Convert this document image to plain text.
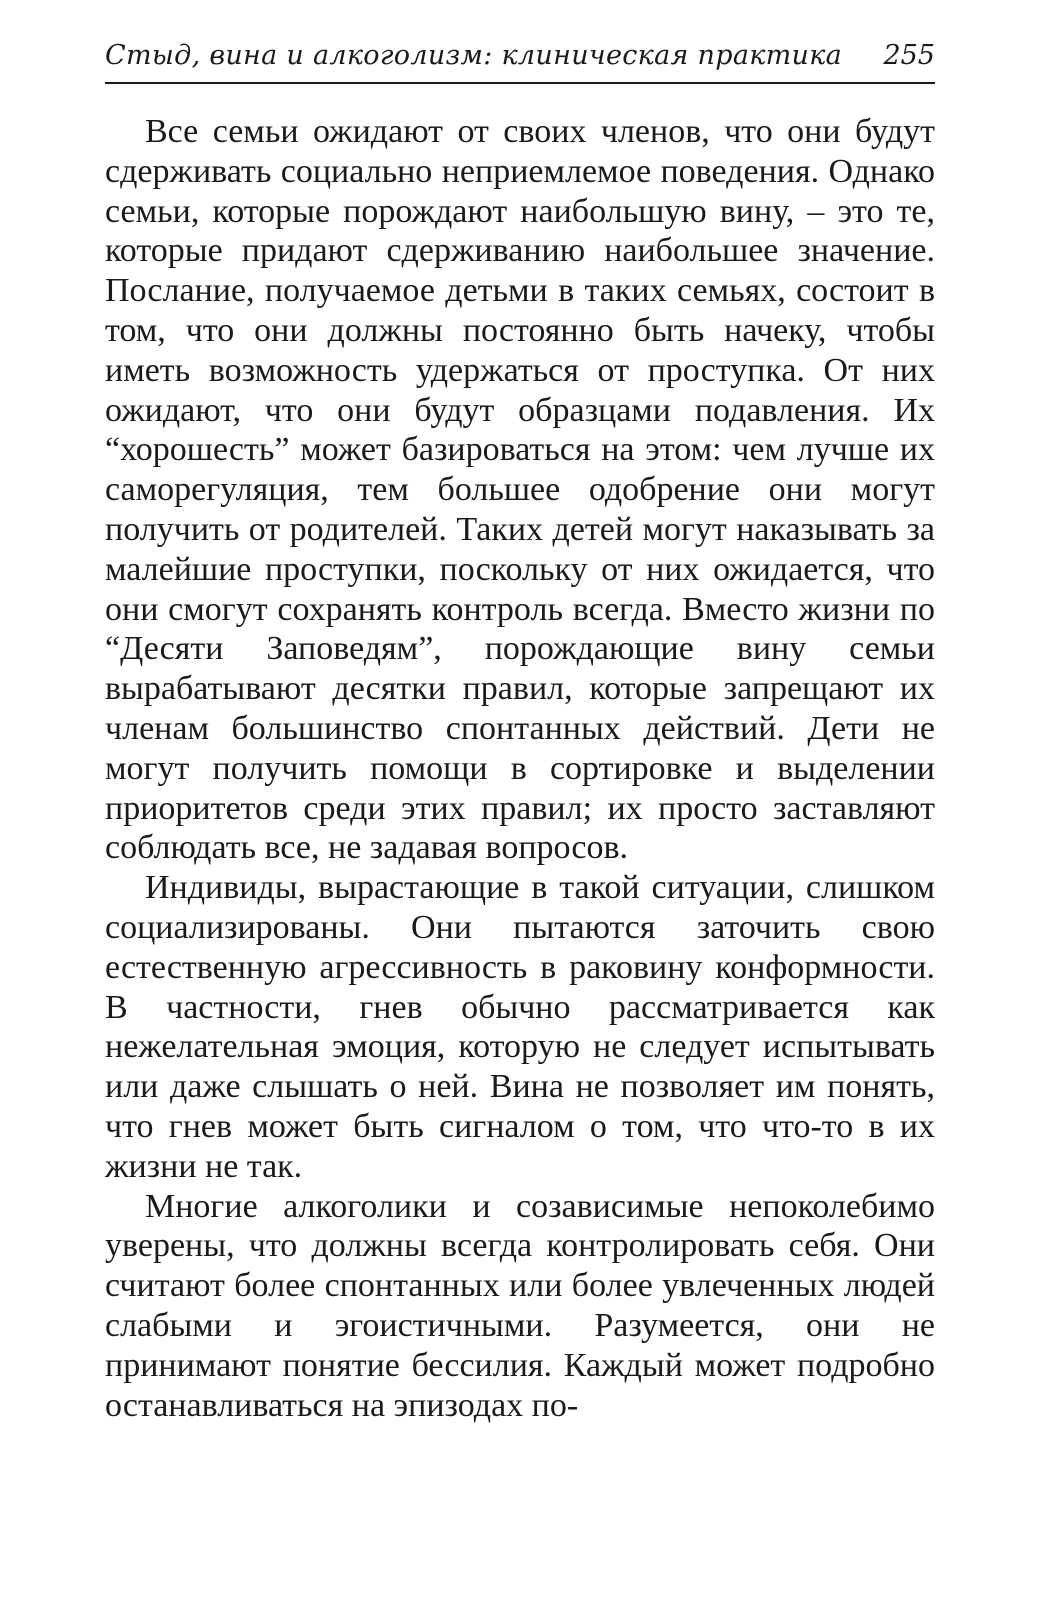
Стыд, вина и алкоголизм: клиническая практика 255

Все семьи ожидают от своих членов, что они будут сдерживать социально неприемлемое поведения. Однако семьи, которые порождают наибольшую вину, – это те, которые придают сдерживанию наибольшее значение. Послание, получаемое детьми в таких семьях, состоит в том, что они должны постоянно быть начеку, чтобы иметь возможность удержаться от проступка. От них ожидают, что они будут образцами подавления. Их “хорошесть” может базироваться на этом: чем лучше их саморегуляция, тем большее одобрение они могут получить от родителей. Таких детей могут наказывать за малейшие проступки, поскольку от них ожидается, что они смогут сохранять контроль всегда. Вместо жизни по “Десяти Заповедям”, порождающие вину семьи вырабатывают десятки правил, которые запрещают их членам большинство спонтанных действий. Дети не могут получить помощи в сортировке и выделении приоритетов среди этих правил; их просто заставляют соблюдать все, не задавая вопросов.

Индивиды, вырастающие в такой ситуации, слишком социализированы. Они пытаются заточить свою естественную агрессивность в раковину конформности. В частности, гнев обычно рассматривается как нежелательная эмоция, которую не следует испытывать или даже слышать о ней. Вина не позволяет им понять, что гнев может быть сигналом о том, что что-то в их жизни не так.

Многие алкоголики и созависимые непоколебимо уверены, что должны всегда контролировать себя. Они считают более спонтанных или более увлеченных людей слабыми и эгоистичными. Разумеется, они не принимают понятие бессилия. Каждый может подробно останавливаться на эпизодах по-
